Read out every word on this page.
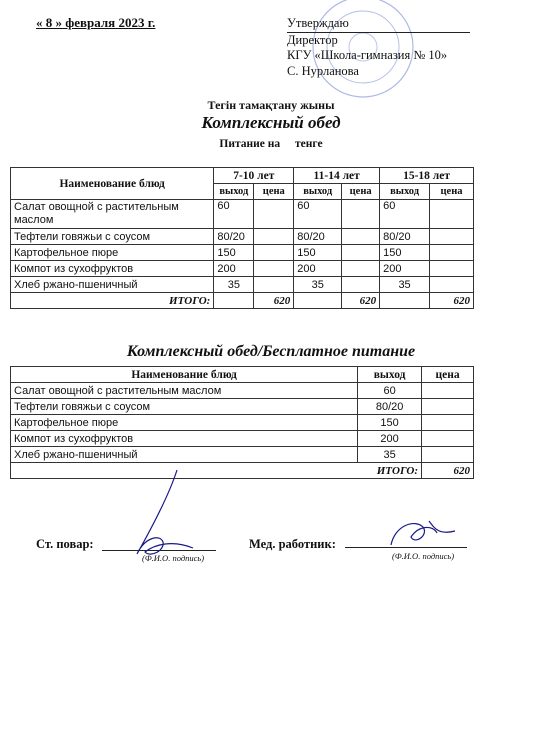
« 8 » февраля 2023 г.	Утверждаю
Директор
КГУ «Школа-гимназия № 10»
С. Нурланова
Тегін тамақтану жыны
Комплексный обед
Питание на тенге
Наименование блюд	7-10 лет		11-14 лет		15-18 лет	
	выход	цена	выход	цена	выход	цена
Салат овощной с растительным маслом	60		60		60	
Тефтели говяжьи с соусом	80/20		80/20		80/20	
Картофельное пюре	150		150		150	
Компот из сухофруктов	200		200		200	
Хлеб ржано-пшеничный	35		35		35	
ИТОГО:		620		620		620
Комплексный обед/Бесплатное питание
Наименование блюд	выход	цена
Салат овощной с растительным маслом	60	
Тефтели говяжьи с соусом	80/20	
Картофельное пюре	150	
Компот из сухофруктов	200	
Хлеб ржано-пшеничный	35	
ИТОГО:		620
Ст. повар:
(Ф.И.О. подпись)
Мед. работник:
(Ф.И.О. подпись)
